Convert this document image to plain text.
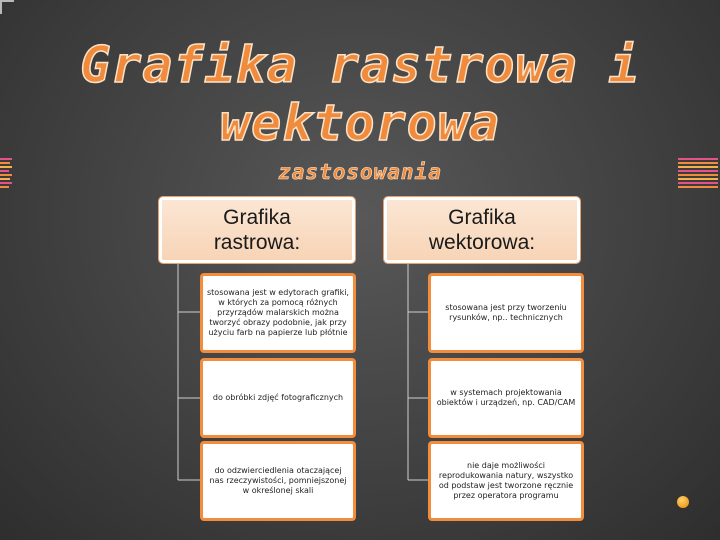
Grafika rastrowa i
wektorowa
zastosowania
Grafika rastrowa:
Grafika wektorowa:
stosowana jest w edytorach grafiki, w których za pomocą różnych przyrządów malarskich można tworzyć obrazy podobnie, jak przy użyciu farb na papierze lub płótnie
do obróbki zdjęć fotograficznych
do odzwierciedlenia otaczającej nas rzeczywistości, pomniejszonej w określonej skali
stosowana jest przy tworzeniu rysunków, np.. technicznych
w systemach projektowania obiektów i urządzeń, np. CAD/CAM
nie daje możliwości reprodukowania natury, wszystko od podstaw jest tworzone ręcznie przez operatora programu
